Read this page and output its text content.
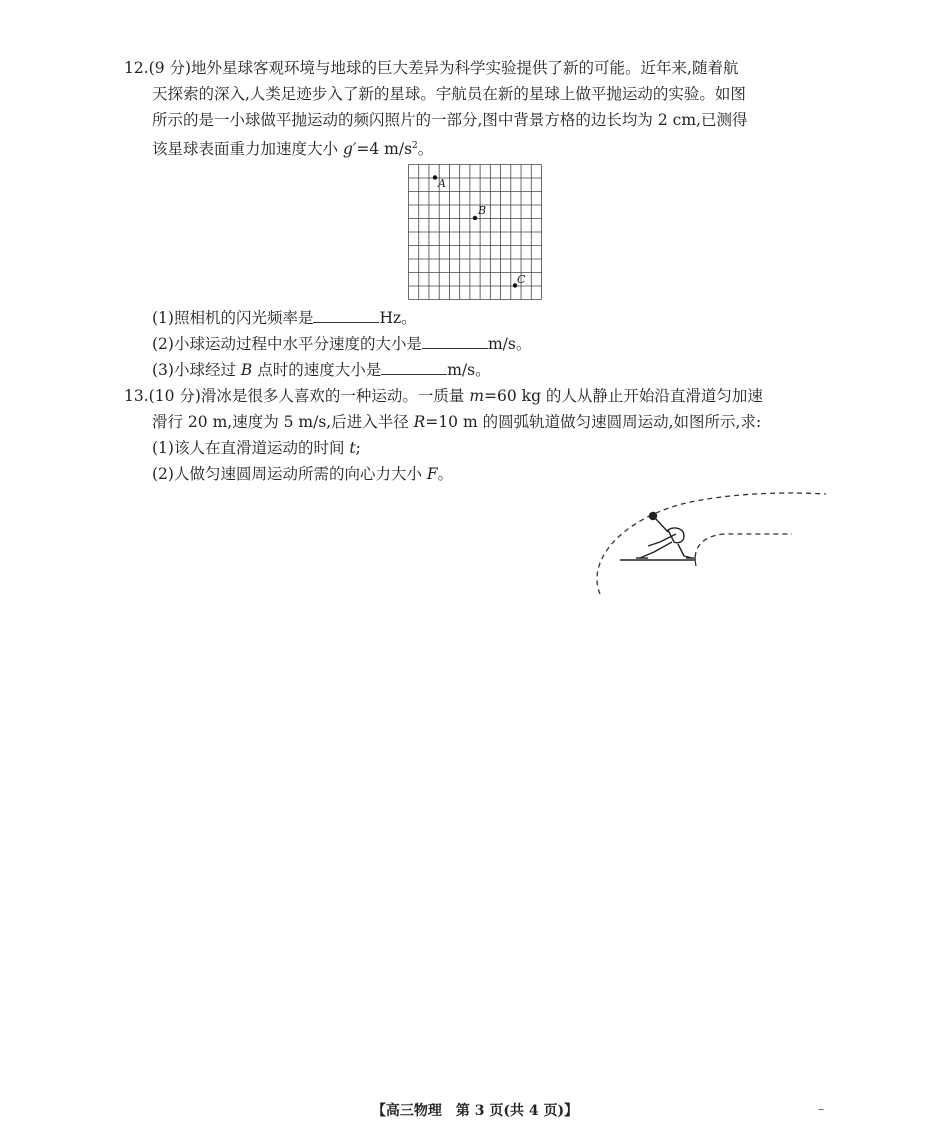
12.(9 分)地外星球客观环境与地球的巨大差异为科学实验提供了新的可能。近年来,随着航
天探索的深入,人类足迹步入了新的星球。宇航员在新的星球上做平抛运动的实验。如图
所示的是一小球做平抛运动的频闪照片的一部分,图中背景方格的边长均为 2 cm,已测得
该星球表面重力加速度大小 g′=4 $m/s^2$。
A
B
C
(1)照相机的闪光频率是	Hz。
(2)小球运动过程中水平分速度的大小是	m/s。
(3)小球经过 B 点时的速度大小是	m/s。
13.(10 分)滑冰是很多人喜欢的一种运动。一质量 m=60 kg 的人从静止开始沿直滑道匀加速
滑行 20 m,速度为 5 m/s,后进入半径 R=10 m 的圆弧轨道做匀速圆周运动,如图所示,求:
(1)该人在直滑道运动的时间 t;
(2)人做匀速圆周运动所需的向心力大小 F。
【高三物理　第 3 页(共 4 页)】	–
